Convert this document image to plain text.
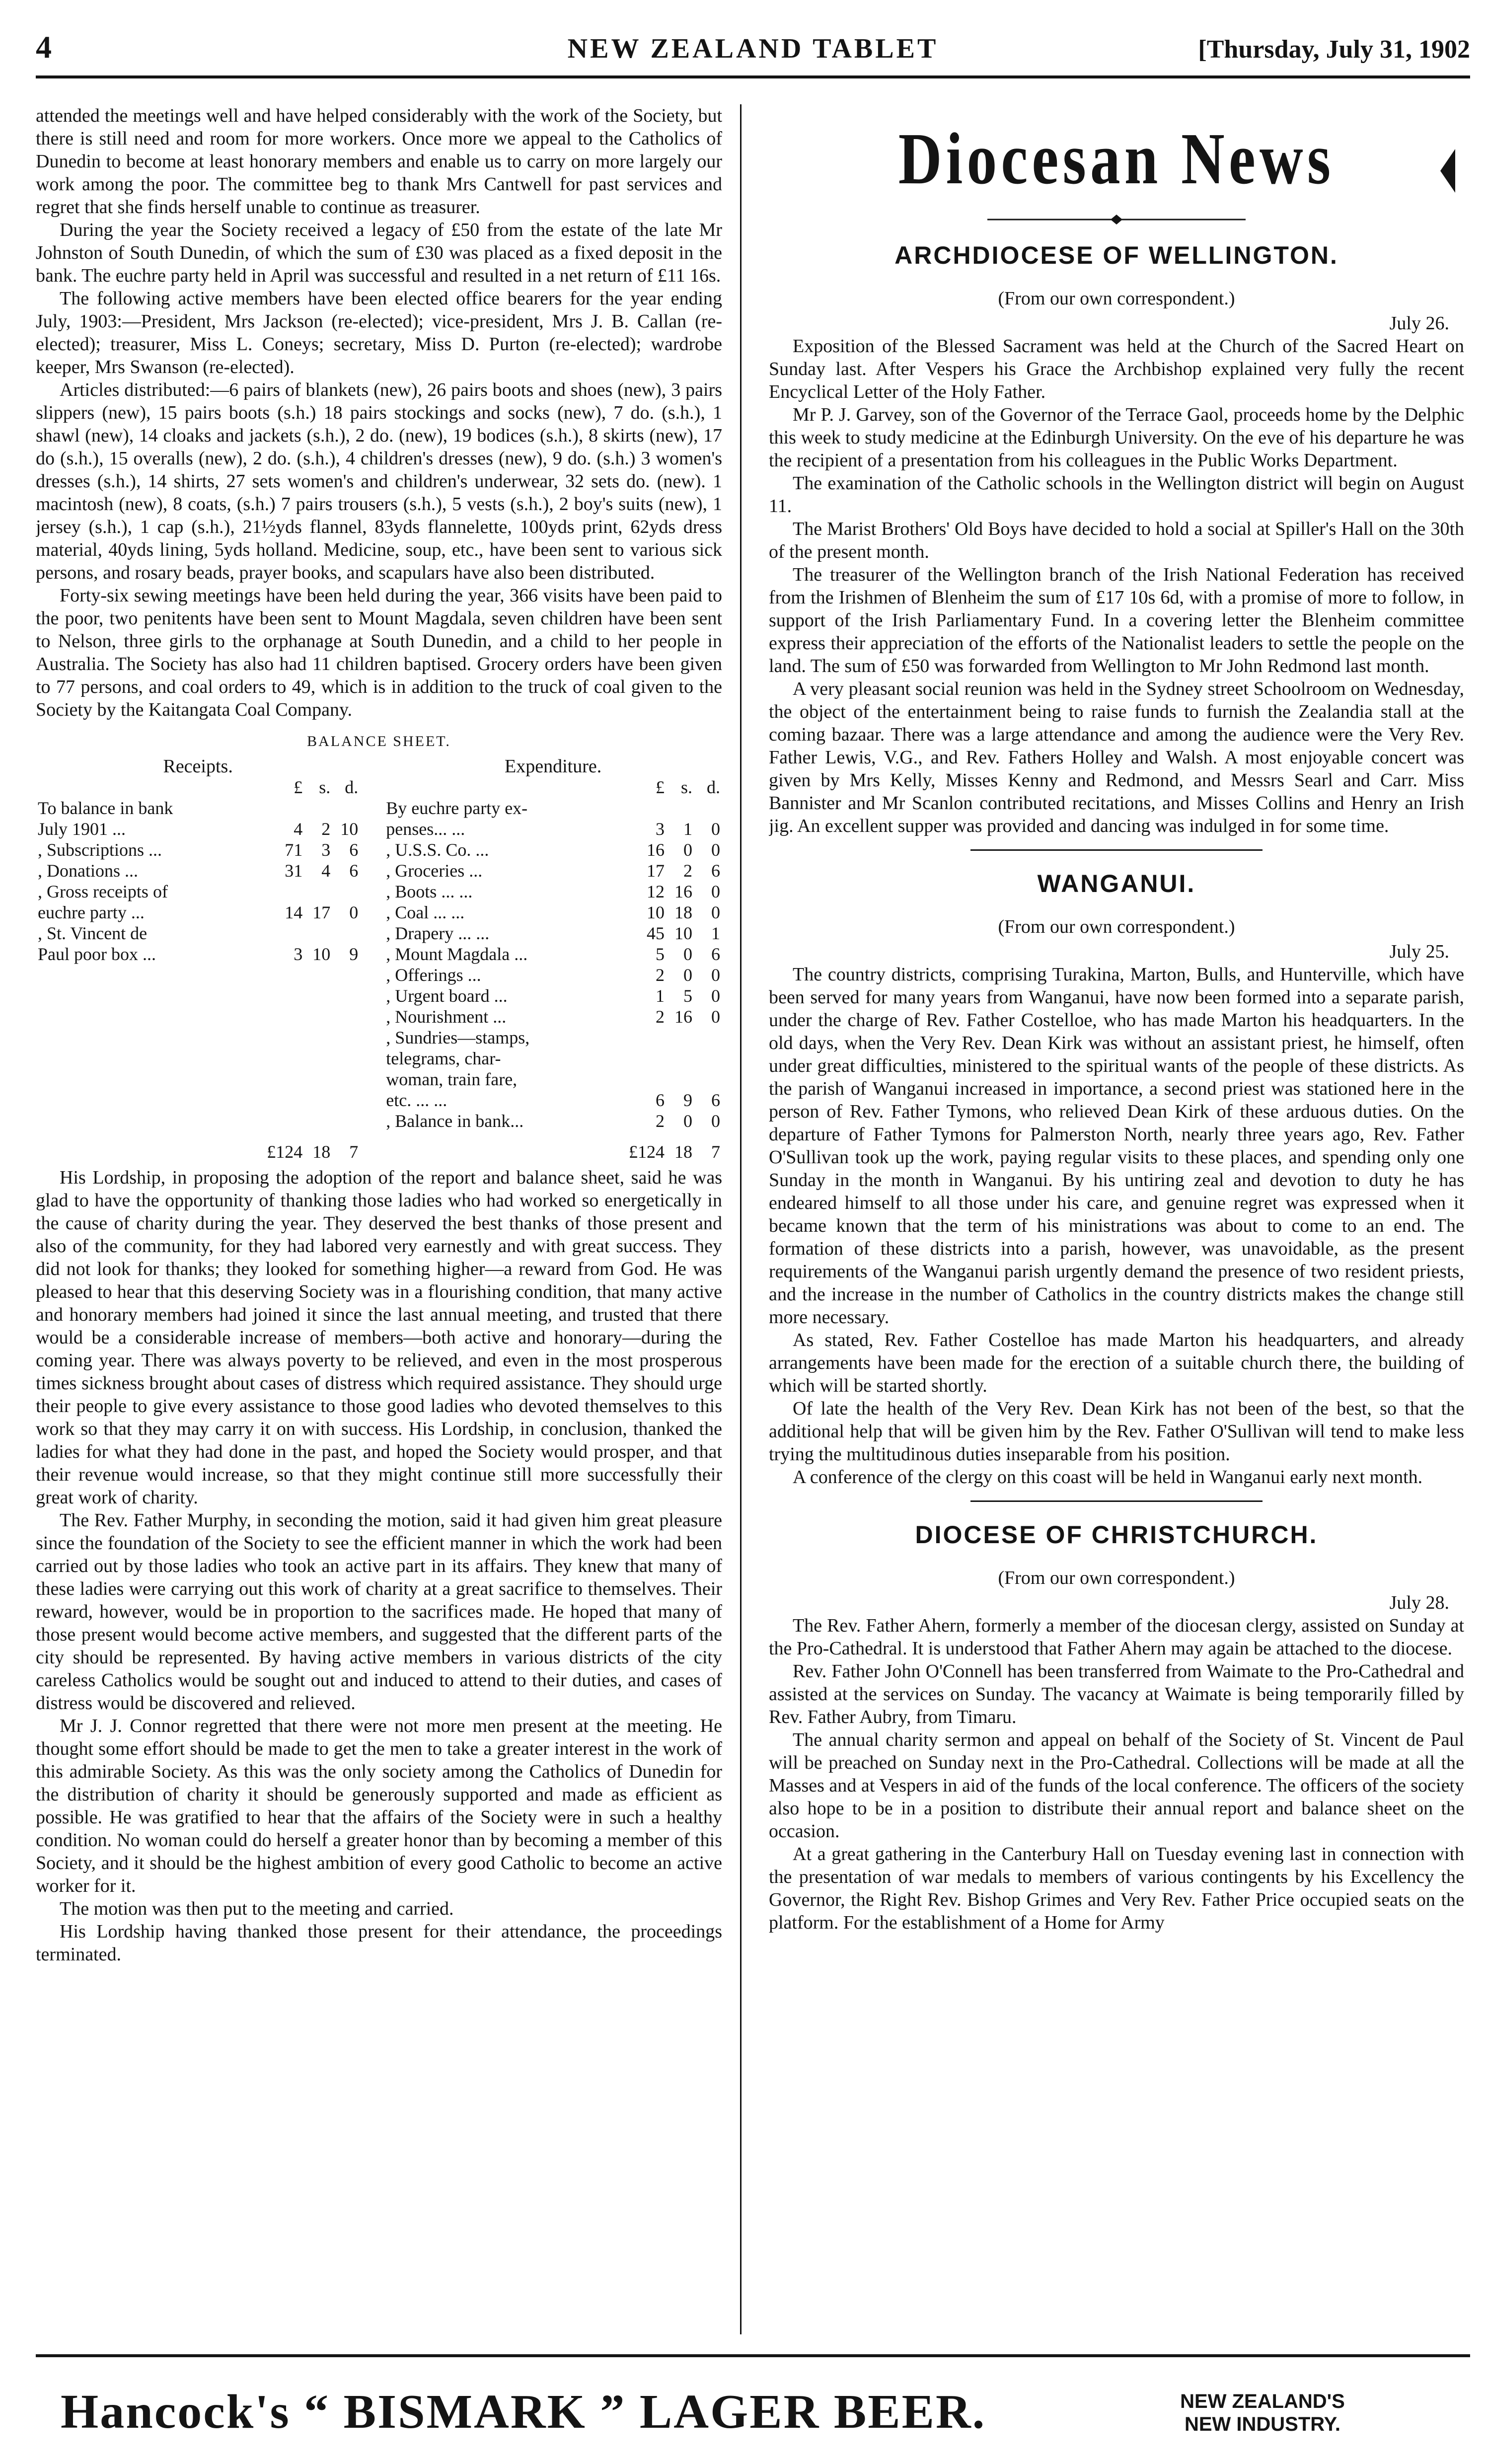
4	NEW ZEALAND TABLET	[Thursday, July 31, 1902

attended the meetings well and have helped considerably with the work of the Society, but there is still need and room for more workers. Once more we appeal to the Catholics of Dunedin to become at least honorary members and enable us to carry on more largely our work among the poor. The committee beg to thank Mrs Cantwell for past services and regret that she finds herself unable to continue as treasurer.

During the year the Society received a legacy of £50 from the estate of the late Mr Johnston of South Dunedin, of which the sum of £30 was placed as a fixed deposit in the bank. The euchre party held in April was successful and resulted in a net return of £11 16s.

The following active members have been elected office bearers for the year ending July, 1903:—President, Mrs Jackson (re-elected); vice-president, Mrs J. B. Callan (re-elected); treasurer, Miss L. Coneys; secretary, Miss D. Purton (re-elected); wardrobe keeper, Mrs Swanson (re-elected).

Articles distributed:—6 pairs of blankets (new), 26 pairs boots and shoes (new), 3 pairs slippers (new), 15 pairs boots (s.h.) 18 pairs stockings and socks (new), 7 do. (s.h.), 1 shawl (new), 14 cloaks and jackets (s.h.), 2 do. (new), 19 bodices (s.h.), 8 skirts (new), 17 do (s.h.), 15 overalls (new), 2 do. (s.h.), 4 children's dresses (new), 9 do. (s.h.) 3 women's dresses (s.h.), 14 shirts, 27 sets women's and children's underwear, 32 sets do. (new). 1 macintosh (new), 8 coats, (s.h.) 7 pairs trousers (s.h.), 5 vests (s.h.), 2 boy's suits (new), 1 jersey (s.h.), 1 cap (s.h.), 21½yds flannel, 83yds flannelette, 100yds print, 62yds dress material, 40yds lining, 5yds holland. Medicine, soup, etc., have been sent to various sick persons, and rosary beads, prayer books, and scapulars have also been distributed.

Forty-six sewing meetings have been held during the year, 366 visits have been paid to the poor, two penitents have been sent to Mount Magdala, seven children have been sent to Nelson, three girls to the orphanage at South Dunedin, and a child to her people in Australia. The Society has also had 11 children baptised. Grocery orders have been given to 77 persons, and coal orders to 49, which is in addition to the truck of coal given to the Society by the Kaitangata Coal Company.

BALANCE SHEET.
Receipts.					Expenditure.			
	£	s.	d.			£	s.	d.
To balance in bank					By euchre party ex-			
July 1901 ...	4	2	10		penses... ...	3	1	0
, Subscriptions ...	71	3	6		, U.S.S. Co. ...	16	0	0
, Donations ...	31	4	6		, Groceries ...	17	2	6
, Gross receipts of					, Boots ... ...	12	16	0
euchre party ...	14	17	0		, Coal ... ...	10	18	0
, St. Vincent de					, Drapery ... ...	45	10	1
Paul poor box ...	3	10	9		, Mount Magdala ...	5	0	6
					, Offerings ...	2	0	0
					, Urgent board ...	1	5	0
					, Nourishment ...	2	16	0
					, Sundries—stamps,			
					telegrams, char-			
					woman, train fare,			
					etc. ... ...	6	9	6
					, Balance in bank...	2	0	0
	£124	18	7			£124	18	7

His Lordship, in proposing the adoption of the report and balance sheet, said he was glad to have the opportunity of thanking those ladies who had worked so energetically in the cause of charity during the year. They deserved the best thanks of those present and also of the community, for they had labored very earnestly and with great success. They did not look for thanks; they looked for something higher—a reward from God. He was pleased to hear that this deserving Society was in a flourishing condition, that many active and honorary members had joined it since the last annual meeting, and trusted that there would be a considerable increase of members—both active and honorary—during the coming year. There was always poverty to be relieved, and even in the most prosperous times sickness brought about cases of distress which required assistance. They should urge their people to give every assistance to those good ladies who devoted themselves to this work so that they may carry it on with success. His Lordship, in conclusion, thanked the ladies for what they had done in the past, and hoped the Society would prosper, and that their revenue would increase, so that they might continue still more successfully their great work of charity.

The Rev. Father Murphy, in seconding the motion, said it had given him great pleasure since the foundation of the Society to see the efficient manner in which the work had been carried out by those ladies who took an active part in its affairs. They knew that many of these ladies were carrying out this work of charity at a great sacrifice to themselves. Their reward, however, would be in proportion to the sacrifices made. He hoped that many of those present would become active members, and suggested that the different parts of the city should be represented. By having active members in various districts of the city careless Catholics would be sought out and induced to attend to their duties, and cases of distress would be discovered and relieved.

Mr J. J. Connor regretted that there were not more men present at the meeting. He thought some effort should be made to get the men to take a greater interest in the work of this admirable Society. As this was the only society among the Catholics of Dunedin for the distribution of charity it should be generously supported and made as efficient as possible. He was gratified to hear that the affairs of the Society were in such a healthy condition. No woman could do herself a greater honor than by becoming a member of this Society, and it should be the highest ambition of every good Catholic to become an active worker for it.

The motion was then put to the meeting and carried.

His Lordship having thanked those present for their attendance, the proceedings terminated.

Diocesan News
ARCHDIOCESE OF WELLINGTON.
(From our own correspondent.)
July 26.

Exposition of the Blessed Sacrament was held at the Church of the Sacred Heart on Sunday last. After Vespers his Grace the Archbishop explained very fully the recent Encyclical Letter of the Holy Father.

Mr P. J. Garvey, son of the Governor of the Terrace Gaol, proceeds home by the Delphic this week to study medicine at the Edinburgh University. On the eve of his departure he was the recipient of a presentation from his colleagues in the Public Works Department.

The examination of the Catholic schools in the Wellington district will begin on August 11.

The Marist Brothers' Old Boys have decided to hold a social at Spiller's Hall on the 30th of the present month.

The treasurer of the Wellington branch of the Irish National Federation has received from the Irishmen of Blenheim the sum of £17 10s 6d, with a promise of more to follow, in support of the Irish Parliamentary Fund. In a covering letter the Blenheim committee express their appreciation of the efforts of the Nationalist leaders to settle the people on the land. The sum of £50 was forwarded from Wellington to Mr John Redmond last month.

A very pleasant social reunion was held in the Sydney street Schoolroom on Wednesday, the object of the entertainment being to raise funds to furnish the Zealandia stall at the coming bazaar. There was a large attendance and among the audience were the Very Rev. Father Lewis, V.G., and Rev. Fathers Holley and Walsh. A most enjoyable concert was given by Mrs Kelly, Misses Kenny and Redmond, and Messrs Searl and Carr. Miss Bannister and Mr Scanlon contributed recitations, and Misses Collins and Henry an Irish jig. An excellent supper was provided and dancing was indulged in for some time.

WANGANUI.
(From our own correspondent.)
July 25.

The country districts, comprising Turakina, Marton, Bulls, and Hunterville, which have been served for many years from Wanganui, have now been formed into a separate parish, under the charge of Rev. Father Costelloe, who has made Marton his headquarters. In the old days, when the Very Rev. Dean Kirk was without an assistant priest, he himself, often under great difficulties, ministered to the spiritual wants of the people of these districts. As the parish of Wanganui increased in importance, a second priest was stationed here in the person of Rev. Father Tymons, who relieved Dean Kirk of these arduous duties. On the departure of Father Tymons for Palmerston North, nearly three years ago, Rev. Father O'Sullivan took up the work, paying regular visits to these places, and spending only one Sunday in the month in Wanganui. By his untiring zeal and devotion to duty he has endeared himself to all those under his care, and genuine regret was expressed when it became known that the term of his ministrations was about to come to an end. The formation of these districts into a parish, however, was unavoidable, as the present requirements of the Wanganui parish urgently demand the presence of two resident priests, and the increase in the number of Catholics in the country districts makes the change still more necessary.

As stated, Rev. Father Costelloe has made Marton his headquarters, and already arrangements have been made for the erection of a suitable church there, the building of which will be started shortly.

Of late the health of the Very Rev. Dean Kirk has not been of the best, so that the additional help that will be given him by the Rev. Father O'Sullivan will tend to make less trying the multitudinous duties inseparable from his position.

A conference of the clergy on this coast will be held in Wanganui early next month.

DIOCESE OF CHRISTCHURCH.
(From our own correspondent.)
July 28.

The Rev. Father Ahern, formerly a member of the diocesan clergy, assisted on Sunday at the Pro-Cathedral. It is understood that Father Ahern may again be attached to the diocese.

Rev. Father John O'Connell has been transferred from Waimate to the Pro-Cathedral and assisted at the services on Sunday. The vacancy at Waimate is being temporarily filled by Rev. Father Aubry, from Timaru.

The annual charity sermon and appeal on behalf of the Society of St. Vincent de Paul will be preached on Sunday next in the Pro-Cathedral. Collections will be made at all the Masses and at Vespers in aid of the funds of the local conference. The officers of the society also hope to be in a position to distribute their annual report and balance sheet on the occasion.

At a great gathering in the Canterbury Hall on Tuesday evening last in connection with the presentation of war medals to members of various contingents by his Excellency the Governor, the Right Rev. Bishop Grimes and Very Rev. Father Price occupied seats on the platform. For the establishment of a Home for Army

Hancock's “ BISMARK ” LAGER BEER.	NEW ZEALAND'S
NEW INDUSTRY.
